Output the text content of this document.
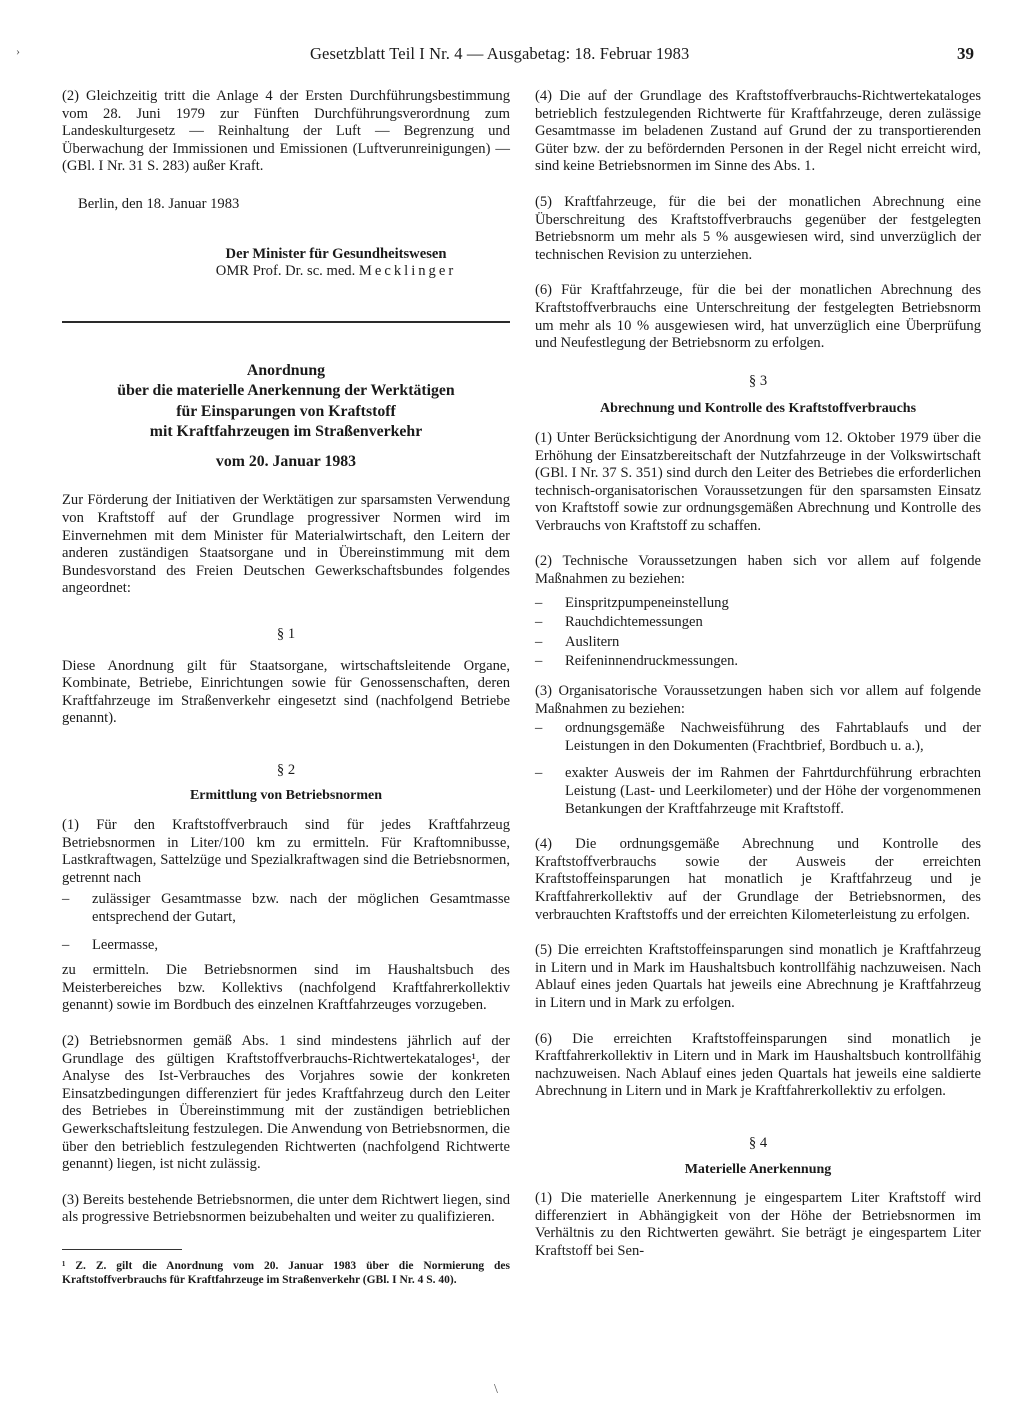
Gesetzblatt Teil I Nr. 4 — Ausgabetag: 18. Februar 1983	39

(2) Gleichzeitig tritt die Anlage 4 der Ersten Durchführungsbestimmung vom 28. Juni 1979 zur Fünften Durchführungsverordnung zum Landeskulturgesetz — Reinhaltung der Luft — Begrenzung und Überwachung der Immissionen und Emissionen (Luftverunreinigungen) — (GBl. I Nr. 31 S. 283) außer Kraft.

Berlin, den 18. Januar 1983

Der Minister für Gesundheitswesen

OMR Prof. Dr. sc. med. Mecklinger

Anordnung
über die materielle Anerkennung der Werktätigen
für Einsparungen von Kraftstoff
mit Kraftfahrzeugen im Straßenverkehr
vom 20. Januar 1983

Zur Förderung der Initiativen der Werktätigen zur sparsamsten Verwendung von Kraftstoff auf der Grundlage progressiver Normen wird im Einvernehmen mit dem Minister für Materialwirtschaft, den Leitern der anderen zuständigen Staatsorgane und in Übereinstimmung mit dem Bundesvorstand des Freien Deutschen Gewerkschaftsbundes folgendes angeordnet:

§ 1

Diese Anordnung gilt für Staatsorgane, wirtschaftsleitende Organe, Kombinate, Betriebe, Einrichtungen sowie für Genossenschaften, deren Kraftfahrzeuge im Straßenverkehr eingesetzt sind (nachfolgend Betriebe genannt).

§ 2
Ermittlung von Betriebsnormen

(1) Für den Kraftstoffverbrauch sind für jedes Kraftfahrzeug Betriebsnormen in Liter/100 km zu ermitteln. Für Kraftomnibusse, Lastkraftwagen, Sattelzüge und Spezialkraftwagen sind die Betriebsnormen, getrennt nach

–	zulässiger Gesamtmasse bzw. nach der möglichen Gesamtmasse entsprechend der Gutart,
–	Leermasse,

zu ermitteln. Die Betriebsnormen sind im Haushaltsbuch des Meisterbereiches bzw. Kollektivs (nachfolgend Kraftfahrerkollektiv genannt) sowie im Bordbuch des einzelnen Kraftfahrzeuges vorzugeben.

(2) Betriebsnormen gemäß Abs. 1 sind mindestens jährlich auf der Grundlage des gültigen Kraftstoffverbrauchs-Richtwertekataloges¹, der Analyse des Ist-Verbrauches des Vorjahres sowie der konkreten Einsatzbedingungen differenziert für jedes Kraftfahrzeug durch den Leiter des Betriebes in Übereinstimmung mit der zuständigen betrieblichen Gewerkschaftsleitung festzulegen. Die Anwendung von Betriebsnormen, die über den betrieblich festzulegenden Richtwerten (nachfolgend Richtwerte genannt) liegen, ist nicht zulässig.

(3) Bereits bestehende Betriebsnormen, die unter dem Richtwert liegen, sind als progressive Betriebsnormen beizubehalten und weiter zu qualifizieren.

¹ Z. Z. gilt die Anordnung vom 20. Januar 1983 über die Normierung des Kraftstoffverbrauchs für Kraftfahrzeuge im Straßenverkehr (GBl. I Nr. 4 S. 40).

(4) Die auf der Grundlage des Kraftstoffverbrauchs-Richtwertekataloges betrieblich festzulegenden Richtwerte für Kraftfahrzeuge, deren zulässige Gesamtmasse im beladenen Zustand auf Grund der zu transportierenden Güter bzw. der zu befördernden Personen in der Regel nicht erreicht wird, sind keine Betriebsnormen im Sinne des Abs. 1.

(5) Kraftfahrzeuge, für die bei der monatlichen Abrechnung eine Überschreitung des Kraftstoffverbrauchs gegenüber der festgelegten Betriebsnorm um mehr als 5 % ausgewiesen wird, sind unverzüglich der technischen Revision zu unterziehen.

(6) Für Kraftfahrzeuge, für die bei der monatlichen Abrechnung des Kraftstoffverbrauchs eine Unterschreitung der festgelegten Betriebsnorm um mehr als 10 % ausgewiesen wird, hat unverzüglich eine Überprüfung und Neufestlegung der Betriebsnorm zu erfolgen.

§ 3
Abrechnung und Kontrolle des Kraftstoffverbrauchs

(1) Unter Berücksichtigung der Anordnung vom 12. Oktober 1979 über die Erhöhung der Einsatzbereitschaft der Nutzfahrzeuge in der Volkswirtschaft (GBl. I Nr. 37 S. 351) sind durch den Leiter des Betriebes die erforderlichen technisch-organisatorischen Voraussetzungen für den sparsamsten Einsatz von Kraftstoff sowie zur ordnungsgemäßen Abrechnung und Kontrolle des Verbrauchs von Kraftstoff zu schaffen.

(2) Technische Voraussetzungen haben sich vor allem auf folgende Maßnahmen zu beziehen:

–	Einspritzpumpeneinstellung
–	Rauchdichtemessungen
–	Auslitern
–	Reifeninnendruckmessungen.

(3) Organisatorische Voraussetzungen haben sich vor allem auf folgende Maßnahmen zu beziehen:

–	ordnungsgemäße Nachweisführung des Fahrtablaufs und der Leistungen in den Dokumenten (Frachtbrief, Bordbuch u. a.),
–	exakter Ausweis der im Rahmen der Fahrtdurchführung erbrachten Leistung (Last- und Leerkilometer) und der Höhe der vorgenommenen Betankungen der Kraftfahrzeuge mit Kraftstoff.

(4) Die ordnungsgemäße Abrechnung und Kontrolle des Kraftstoffverbrauchs sowie der Ausweis der erreichten Kraftstoffeinsparungen hat monatlich je Kraftfahrzeug und je Kraftfahrerkollektiv auf der Grundlage der Betriebsnormen, des verbrauchten Kraftstoffs und der erreichten Kilometerleistung zu erfolgen.

(5) Die erreichten Kraftstoffeinsparungen sind monatlich je Kraftfahrzeug in Litern und in Mark im Haushaltsbuch kontrollfähig nachzuweisen. Nach Ablauf eines jeden Quartals hat jeweils eine Abrechnung je Kraftfahrzeug in Litern und in Mark zu erfolgen.

(6) Die erreichten Kraftstoffeinsparungen sind monatlich je Kraftfahrerkollektiv in Litern und in Mark im Haushaltsbuch kontrollfähig nachzuweisen. Nach Ablauf eines jeden Quartals hat jeweils eine saldierte Abrechnung in Litern und in Mark je Kraftfahrerkollektiv zu erfolgen.

§ 4
Materielle Anerkennung

(1) Die materielle Anerkennung je eingespartem Liter Kraftstoff wird differenziert in Abhängigkeit von der Höhe der Betriebsnormen im Verhältnis zu den Richtwerten gewährt. Sie beträgt je eingespartem Liter Kraftstoff bei Sen-

›
\
